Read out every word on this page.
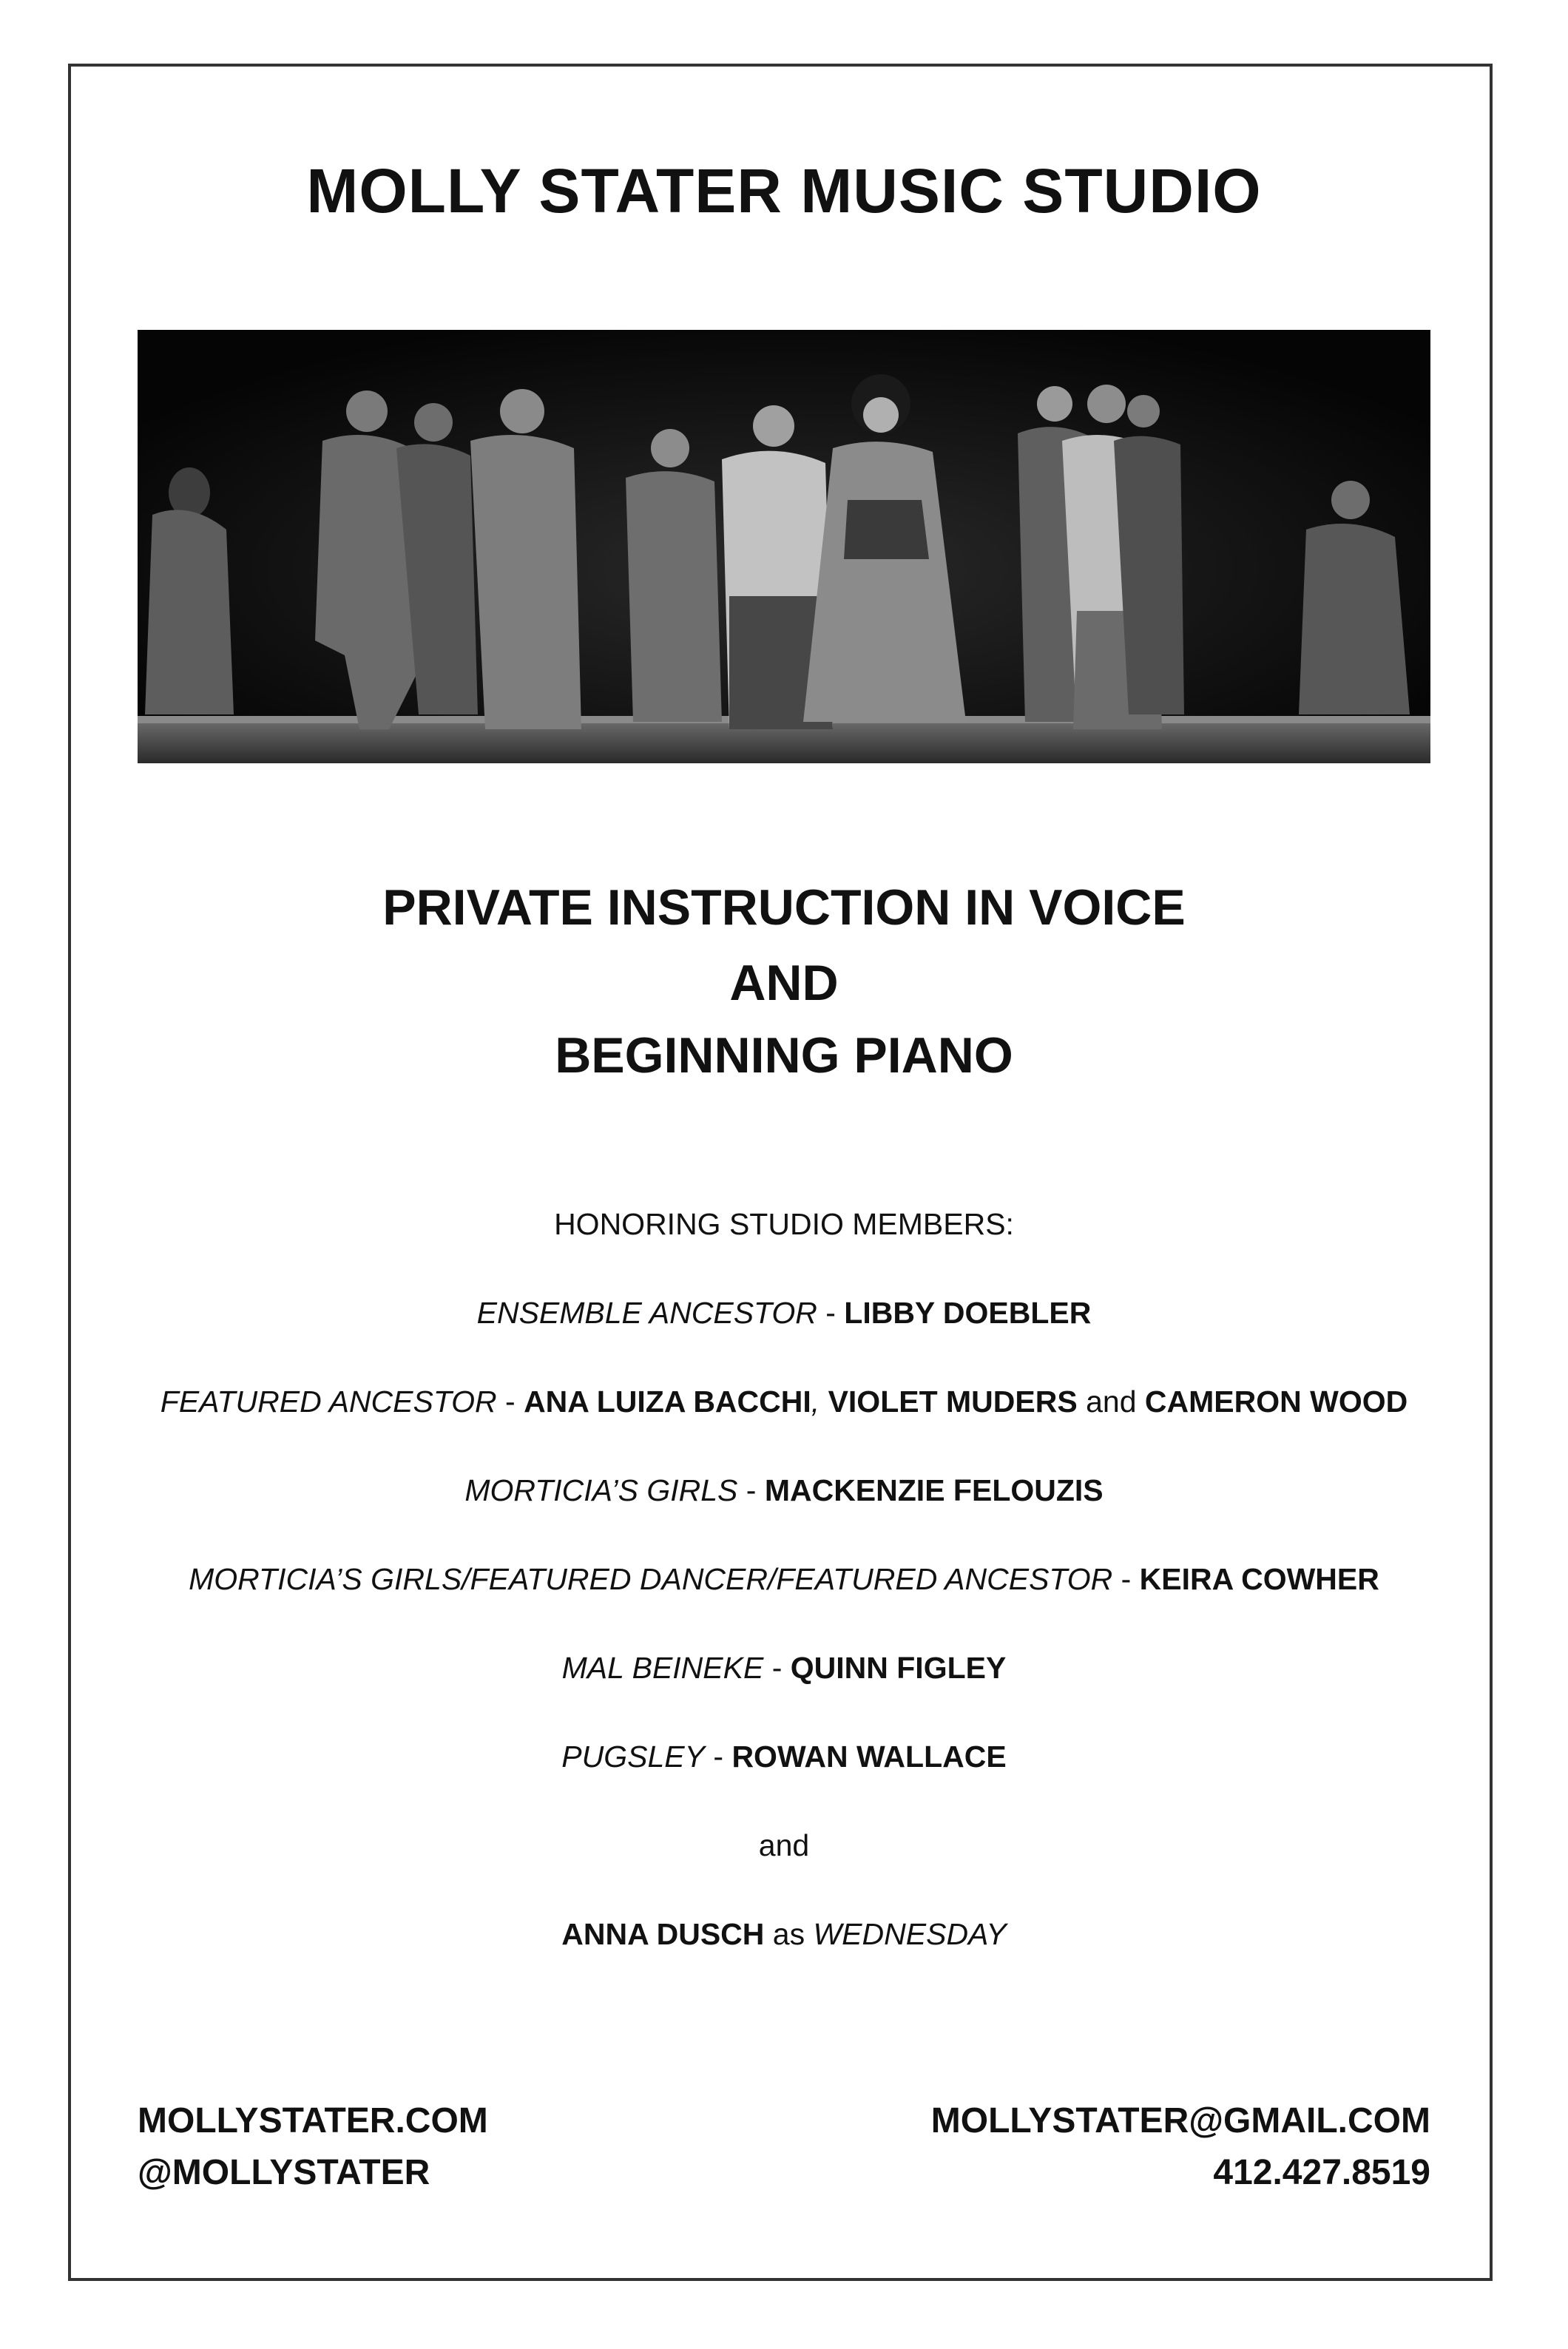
MOLLY STATER MUSIC STUDIO
PRIVATE INSTRUCTION IN VOICE
AND
BEGINNING PIANO
HONORING STUDIO MEMBERS:
ENSEMBLE ANCESTOR - LIBBY DOEBLER
FEATURED ANCESTOR - ANA LUIZA BACCHI, VIOLET MUDERS and CAMERON WOOD
MORTICIA’S GIRLS - MACKENZIE FELOUZIS
MORTICIA’S GIRLS/FEATURED DANCER/FEATURED ANCESTOR - KEIRA COWHER
MAL BEINEKE - QUINN FIGLEY
PUGSLEY - ROWAN WALLACE
and
ANNA DUSCH as WEDNESDAY
MOLLYSTATER.COM
@MOLLYSTATER
MOLLYSTATER@GMAIL.COM
412.427.8519
